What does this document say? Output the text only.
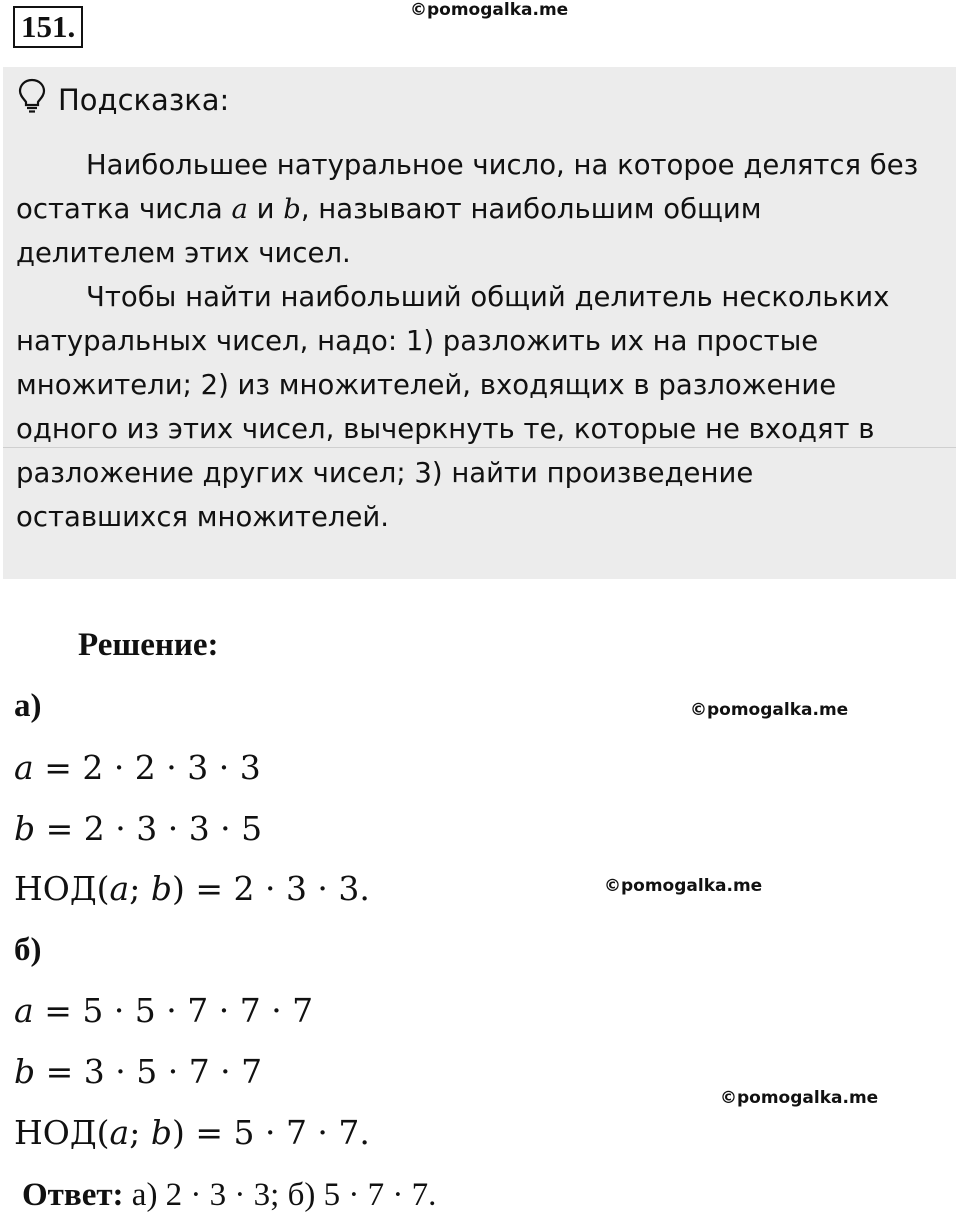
151.	©pomogalka.me
Подсказка:

Наибольшее натуральное число, на которое делятся без остатка числа a и b, называют наибольшим общим делителем этих чисел.

Чтобы найти наибольший общий делитель нескольких натуральных чисел, надо: 1) разложить их на простые множители; 2) из множителей, входящих в разложение одного из этих чисел, вычеркнуть те, которые не входят в разложение других чисел; 3) найти произведение оставшихся множителей.

Решение:
а)	©pomogalka.me
a = 2 · 2 · 3 · 3
b = 2 · 3 · 3 · 5
НОД(a; b) = 2 · 3 · 3.	©pomogalka.me
б)
a = 5 · 5 · 7 · 7 · 7
b = 3 · 5 · 7 · 7
©pomogalka.me
НОД(a; b) = 5 · 7 · 7.
Ответ: а) 2 · 3 · 3; б) 5 · 7 · 7.
